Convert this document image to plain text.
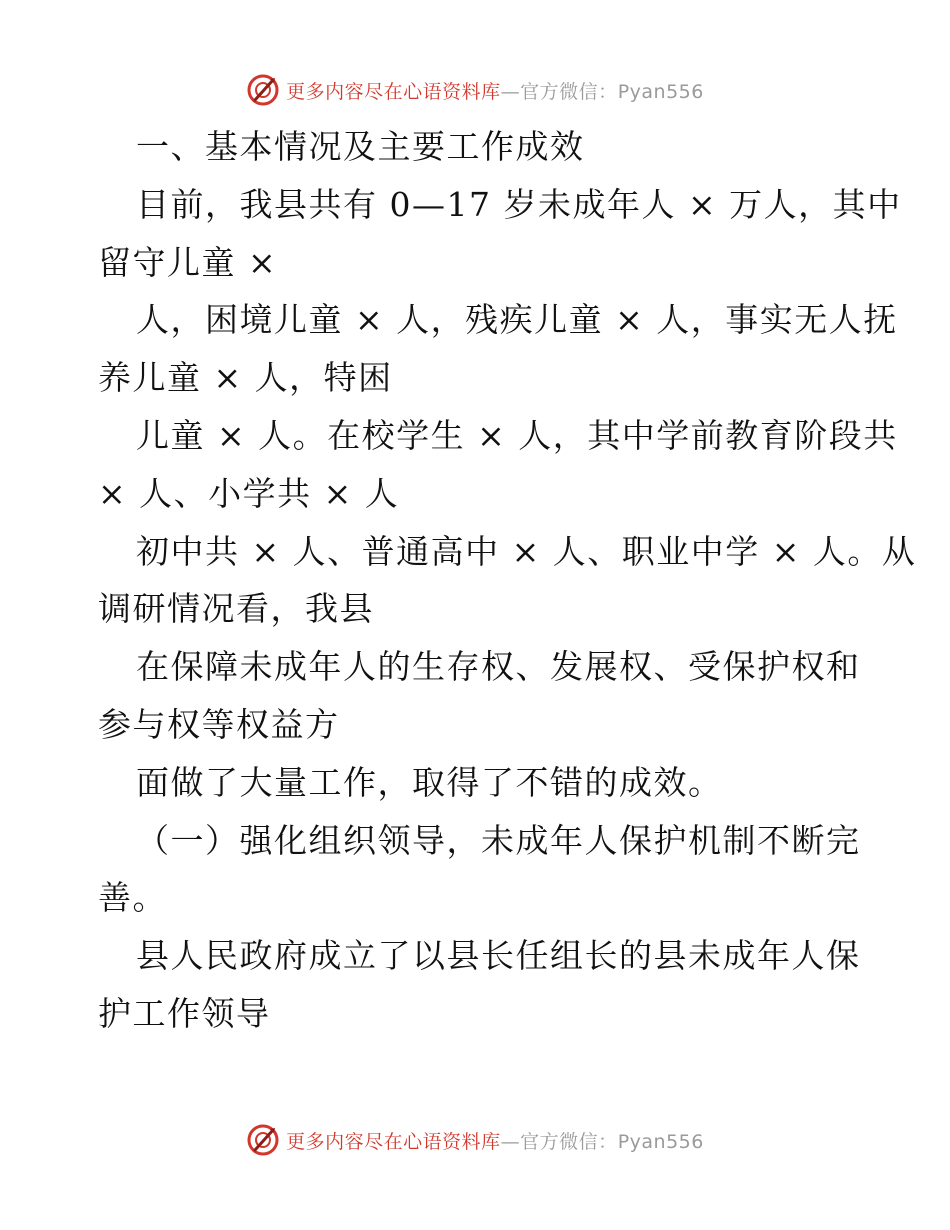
更多内容尽在心语资料库—官方微信：Pyan556
一、基本情况及主要工作成效
目前，我县共有 0—17 岁未成年人 × 万人，其中
留守儿童 ×
人，困境儿童 × 人，残疾儿童 × 人，事实无人抚
养儿童 × 人，特困
儿童 × 人。在校学生 × 人，其中学前教育阶段共
× 人、小学共 × 人
初中共 × 人、普通高中 × 人、职业中学 × 人。从
调研情况看，我县
在保障未成年人的生存权、发展权、受保护权和
参与权等权益方
面做了大量工作，取得了不错的成效。
（一）强化组织领导，未成年人保护机制不断完
善。
县人民政府成立了以县长任组长的县未成年人保
护工作领导
更多内容尽在心语资料库—官方微信：Pyan556
